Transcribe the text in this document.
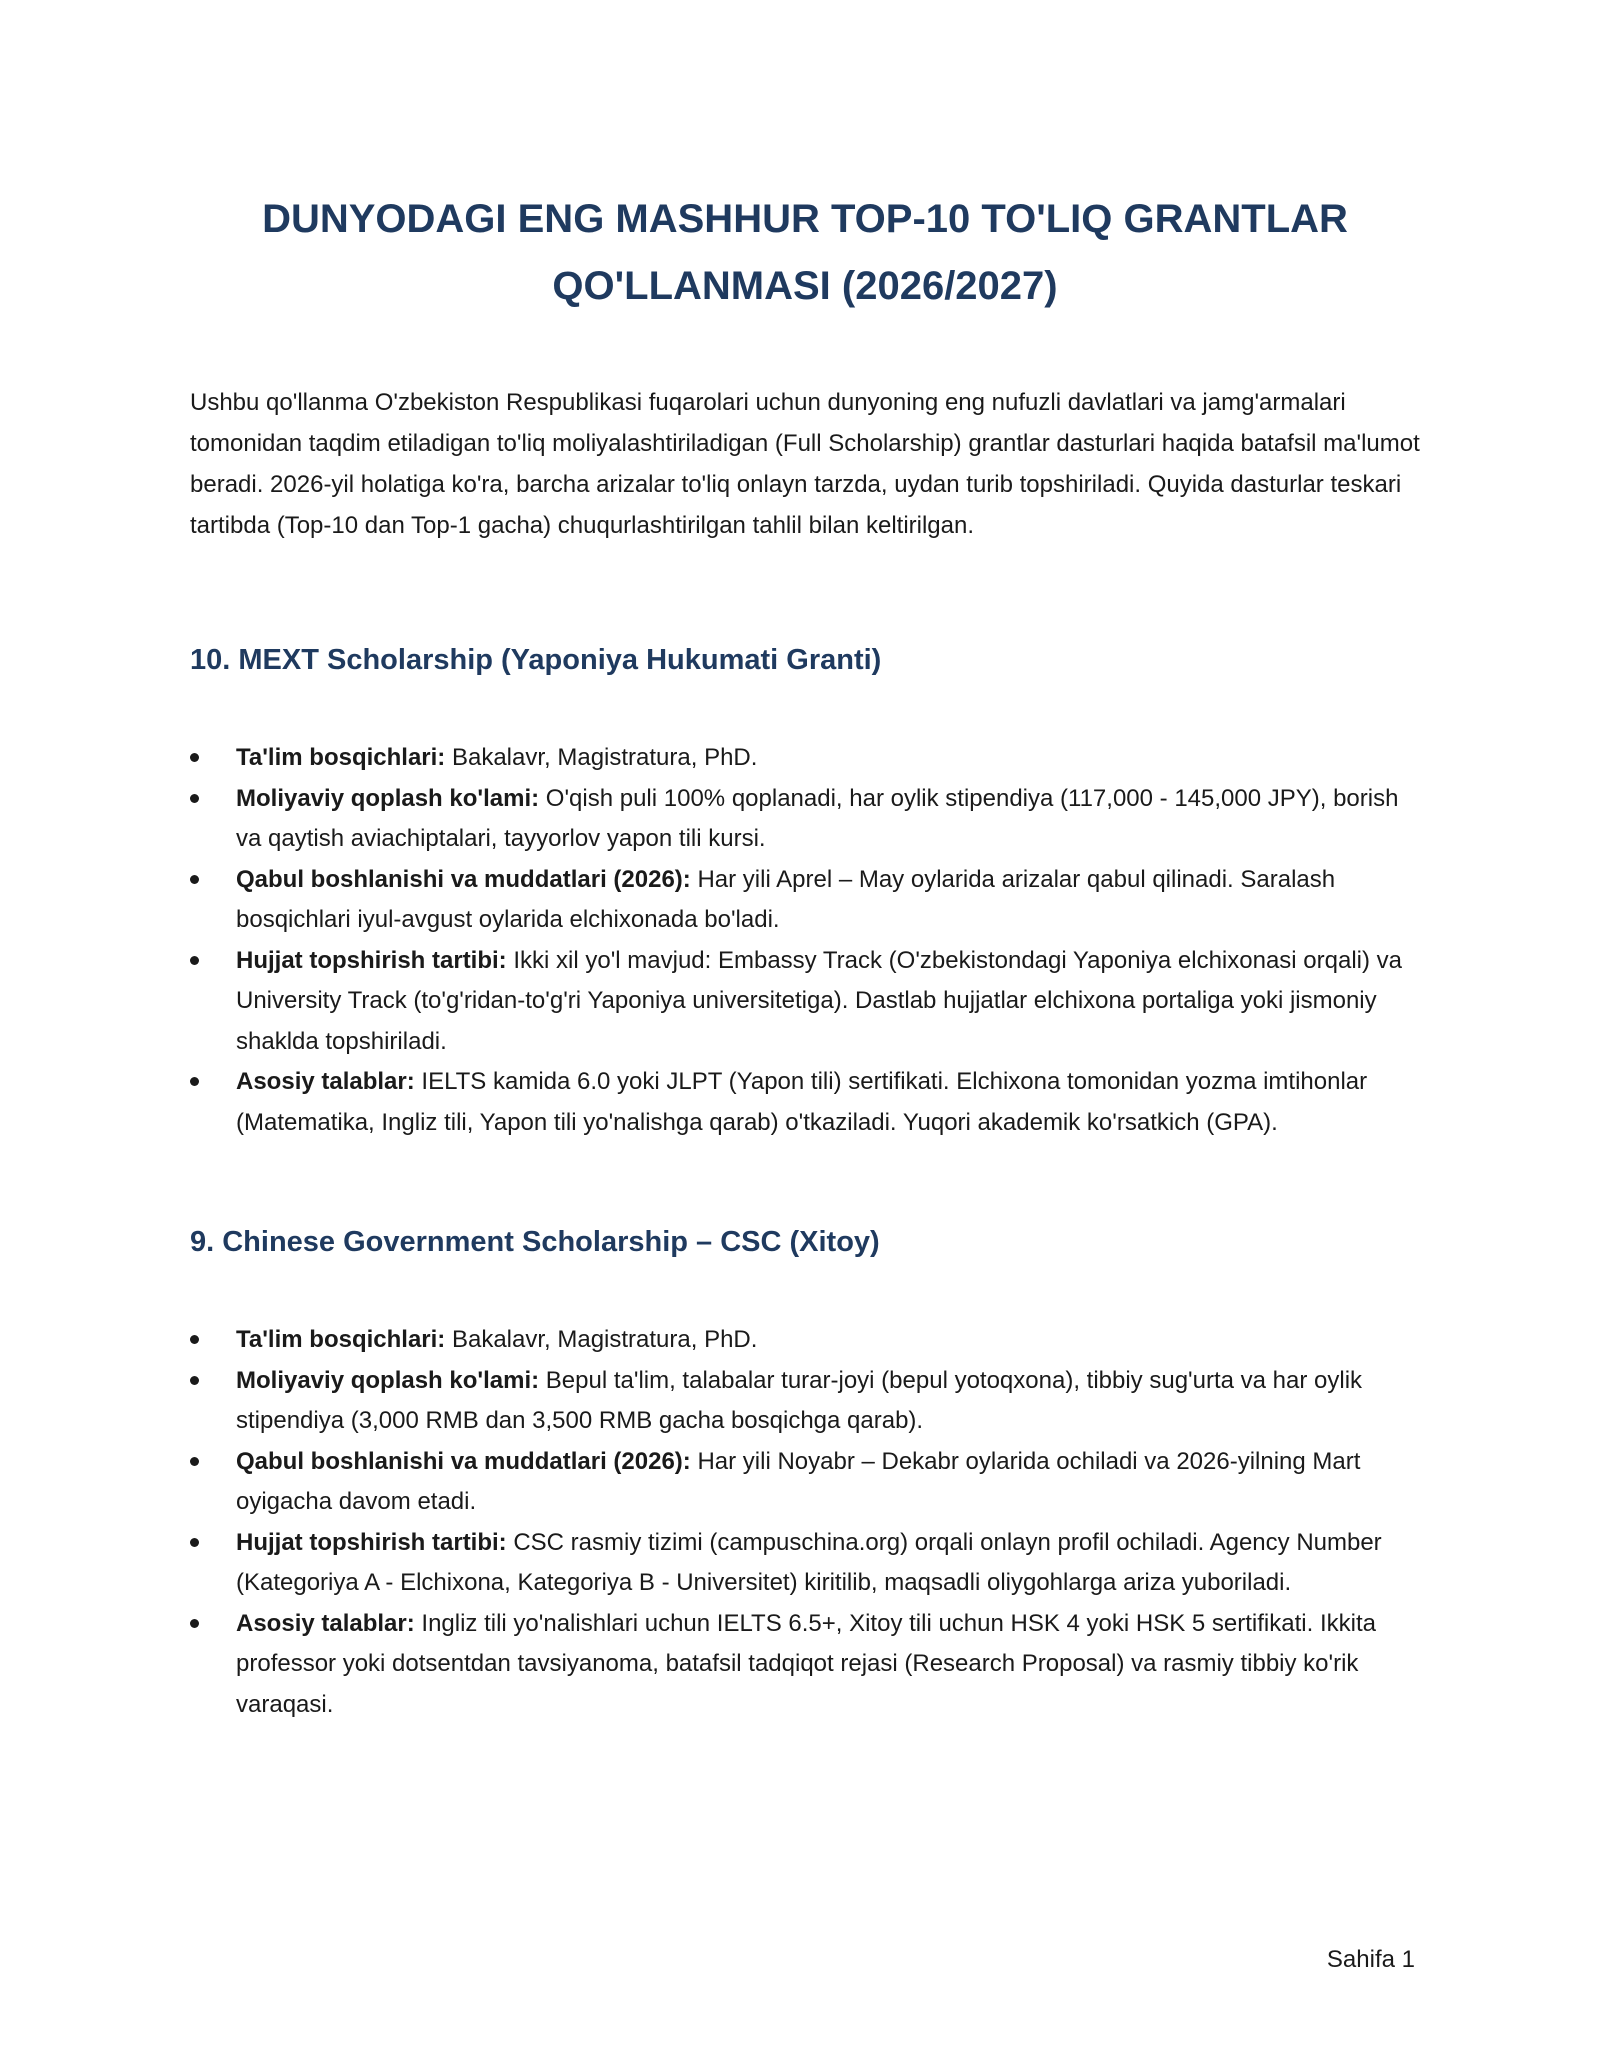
DUNYODAGI ENG MASHHUR TOP-10 TO'LIQ GRANTLAR
QO'LLANMASI (2026/2027)

Ushbu qo'llanma O'zbekiston Respublikasi fuqarolari uchun dunyoning eng nufuzli davlatlari va jamg'armalari tomonidan taqdim etiladigan to'liq moliyalashtiriladigan (Full Scholarship) grantlar dasturlari haqida batafsil ma'lumot beradi. 2026-yil holatiga ko'ra, barcha arizalar to'liq onlayn tarzda, uydan turib topshiriladi. Quyida dasturlar teskari tartibda (Top-10 dan Top-1 gacha) chuqurlashtirilgan tahlil bilan keltirilgan.

10. MEXT Scholarship (Yaponiya Hukumati Granti)
Ta'lim bosqichlari: Bakalavr, Magistratura, PhD.
Moliyaviy qoplash ko'lami: O'qish puli 100% qoplanadi, har oylik stipendiya (117,000 - 145,000 JPY), borish va qaytish aviachiptalari, tayyorlov yapon tili kursi.
Qabul boshlanishi va muddatlari (2026): Har yili Aprel – May oylarida arizalar qabul qilinadi. Saralash bosqichlari iyul-avgust oylarida elchixonada bo'ladi.
Hujjat topshirish tartibi: Ikki xil yo'l mavjud: Embassy Track (O'zbekistondagi Yaponiya elchixonasi orqali) va University Track (to'g'ridan-to'g'ri Yaponiya universitetiga). Dastlab hujjatlar elchixona portaliga yoki jismoniy shaklda topshiriladi.
Asosiy talablar: IELTS kamida 6.0 yoki JLPT (Yapon tili) sertifikati. Elchixona tomonidan yozma imtihonlar (Matematika, Ingliz tili, Yapon tili yo'nalishga qarab) o'tkaziladi. Yuqori akademik ko'rsatkich (GPA).
9. Chinese Government Scholarship – CSC (Xitoy)
Ta'lim bosqichlari: Bakalavr, Magistratura, PhD.
Moliyaviy qoplash ko'lami: Bepul ta'lim, talabalar turar-joyi (bepul yotoqxona), tibbiy sug'urta va har oylik stipendiya (3,000 RMB dan 3,500 RMB gacha bosqichga qarab).
Qabul boshlanishi va muddatlari (2026): Har yili Noyabr – Dekabr oylarida ochiladi va 2026-yilning Mart oyigacha davom etadi.
Hujjat topshirish tartibi: CSC rasmiy tizimi (campuschina.org) orqali onlayn profil ochiladi. Agency Number (Kategoriya A - Elchixona, Kategoriya B - Universitet) kiritilib, maqsadli oliygohlarga ariza yuboriladi.
Asosiy talablar: Ingliz tili yo'nalishlari uchun IELTS 6.5+, Xitoy tili uchun HSK 4 yoki HSK 5 sertifikati. Ikkita professor yoki dotsentdan tavsiyanoma, batafsil tadqiqot rejasi (Research Proposal) va rasmiy tibbiy ko'rik varaqasi.
Sahifa 1
